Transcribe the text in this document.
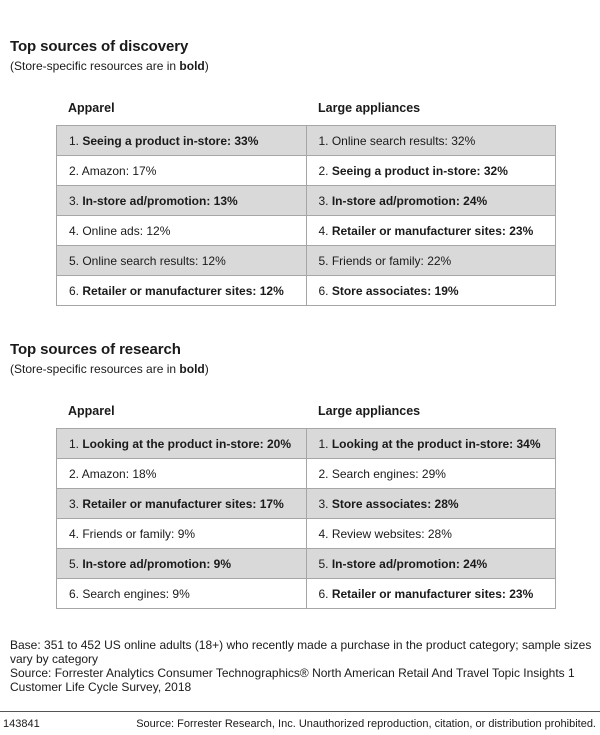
Top sources of discovery
(Store-specific resources are in bold)
Apparel	Large appliances
1. Seeing a product in-store: 33%	1. Online search results: 32%
2. Amazon: 17%	2. Seeing a product in-store: 32%
3. In-store ad/promotion: 13%	3. In-store ad/promotion: 24%
4. Online ads: 12%	4. Retailer or manufacturer sites: 23%
5. Online search results: 12%	5. Friends or family: 22%
6. Retailer or manufacturer sites: 12%	6. Store associates: 19%
Top sources of research
(Store-specific resources are in bold)
Apparel	Large appliances
1. Looking at the product in-store: 20%	1. Looking at the product in-store: 34%
2. Amazon: 18%	2. Search engines: 29%
3. Retailer or manufacturer sites: 17%	3. Store associates: 28%
4. Friends or family: 9%	4. Review websites: 28%
5. In-store ad/promotion: 9%	5. In-store ad/promotion: 24%
6. Search engines: 9%	6. Retailer or manufacturer sites: 23%
Base: 351 to 452 US online adults (18+) who recently made a purchase in the product category; sample sizes vary by category
Source: Forrester Analytics Consumer Technographics® North American Retail And Travel Topic Insights 1 Customer Life Cycle Survey, 2018
143841	Source: Forrester Research, Inc. Unauthorized reproduction, citation, or distribution prohibited.
